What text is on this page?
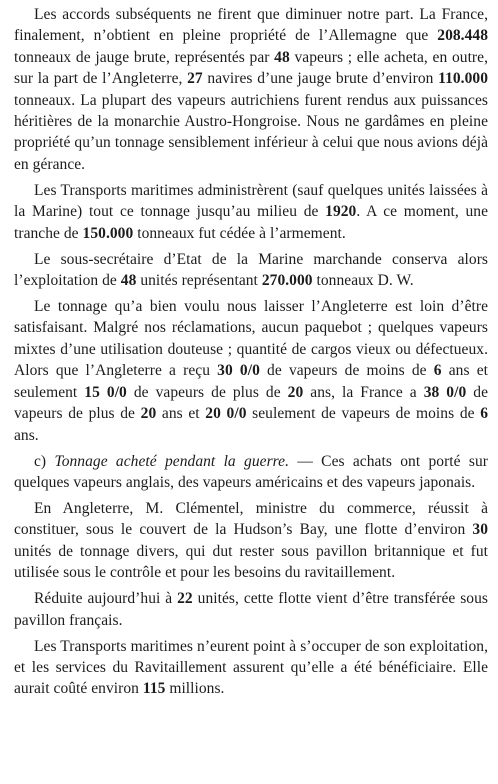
Les accords subséquents ne firent que diminuer notre part. La France, finalement, n’obtient en pleine propriété de l’Allemagne que 208.448 tonneaux de jauge brute, représentés par 48 vapeurs ; elle acheta, en outre, sur la part de l’Angleterre, 27 navires d’une jauge brute d’environ 110.000 tonneaux. La plupart des vapeurs autrichiens furent rendus aux puissances héritières de la monarchie Austro-Hongroise. Nous ne gardâmes en pleine propriété qu’un tonnage sensiblement inférieur à celui que nous avions déjà en gérance.

Les Transports maritimes administrèrent (sauf quelques unités laissées à la Marine) tout ce tonnage jusqu’au milieu de 1920. A ce moment, une tranche de 150.000 tonneaux fut cédée à l’armement.

Le sous-secrétaire d’Etat de la Marine marchande conserva alors l’exploitation de 48 unités représentant 270.000 tonneaux D. W.

Le tonnage qu’a bien voulu nous laisser l’Angleterre est loin d’être satisfaisant. Malgré nos réclamations, aucun paquebot ; quelques vapeurs mixtes d’une utilisation douteuse ; quantité de cargos vieux ou défectueux. Alors que l’Angleterre a reçu 30 0/0 de vapeurs de moins de 6 ans et seulement 15 0/0 de vapeurs de plus de 20 ans, la France a 38 0/0 de vapeurs de plus de 20 ans et 20 0/0 seulement de vapeurs de moins de 6 ans.

c) Tonnage acheté pendant la guerre. — Ces achats ont porté sur quelques vapeurs anglais, des vapeurs américains et des vapeurs japonais.

En Angleterre, M. Clémentel, ministre du commerce, réussit à constituer, sous le couvert de la Hudson’s Bay, une flotte d’environ 30 unités de tonnage divers, qui dut rester sous pavillon britannique et fut utilisée sous le contrôle et pour les besoins du ravitaillement.

Réduite aujourd’hui à 22 unités, cette flotte vient d’être transférée sous pavillon français.

Les Transports maritimes n’eurent point à s’occuper de son exploitation, et les services du Ravitaillement assurent qu’elle a été bénéficiaire. Elle aurait coûté environ 115 millions.
